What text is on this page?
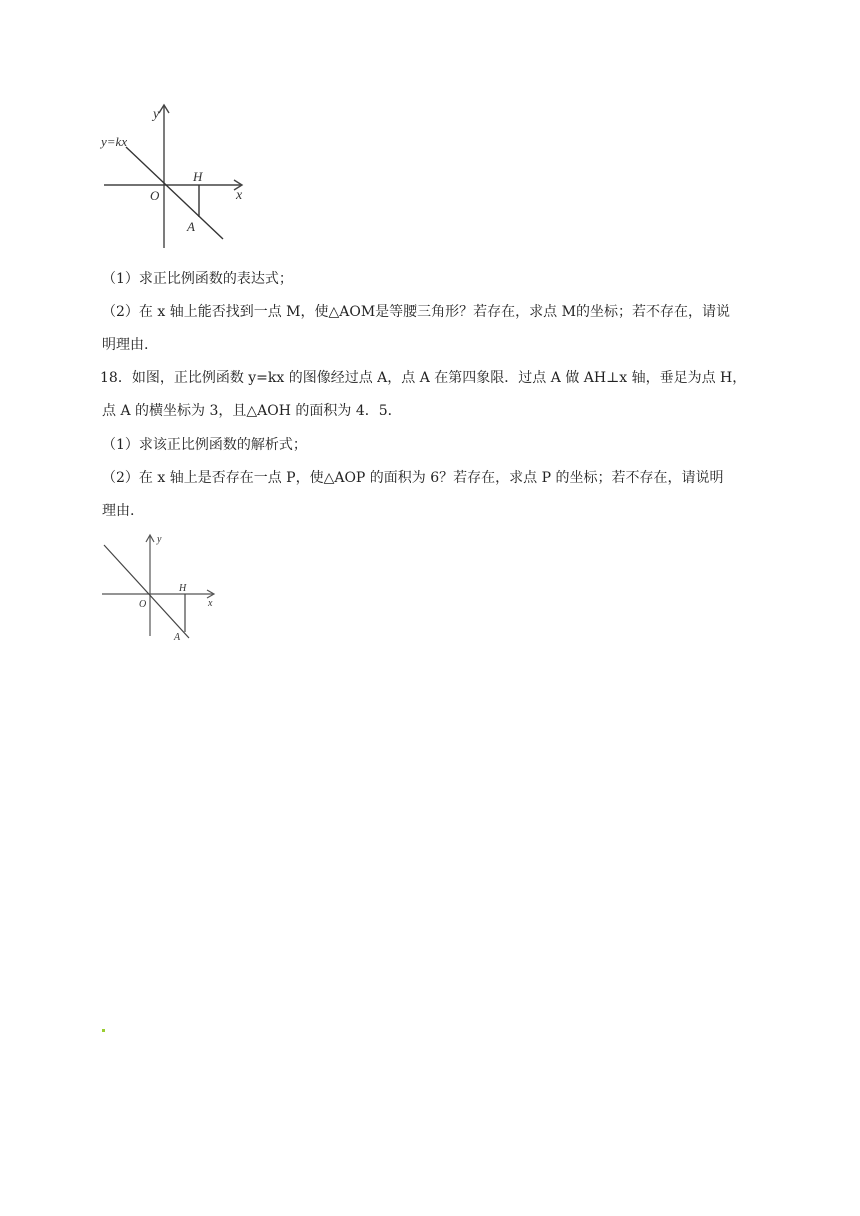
y
x
y=kx
O
H
A
（1）求正比例函数的表达式；
（2）在 x 轴上能否找到一点 M，使△AOM是等腰三角形？若存在，求点 M的坐标；若不存在，请说
明理由.
18．如图，正比例函数 y=kx 的图像经过点 A，点 A 在第四象限．过点 A 做 AH⊥x 轴，垂足为点 H，
点 A 的横坐标为 3，且△AOH 的面积为 4．5．
（1）求该正比例函数的解析式；
（2）在 x 轴上是否存在一点 P，使△AOP 的面积为 6？若存在，求点 P 的坐标；若不存在，请说明
理由.
y
x
O
H
A
